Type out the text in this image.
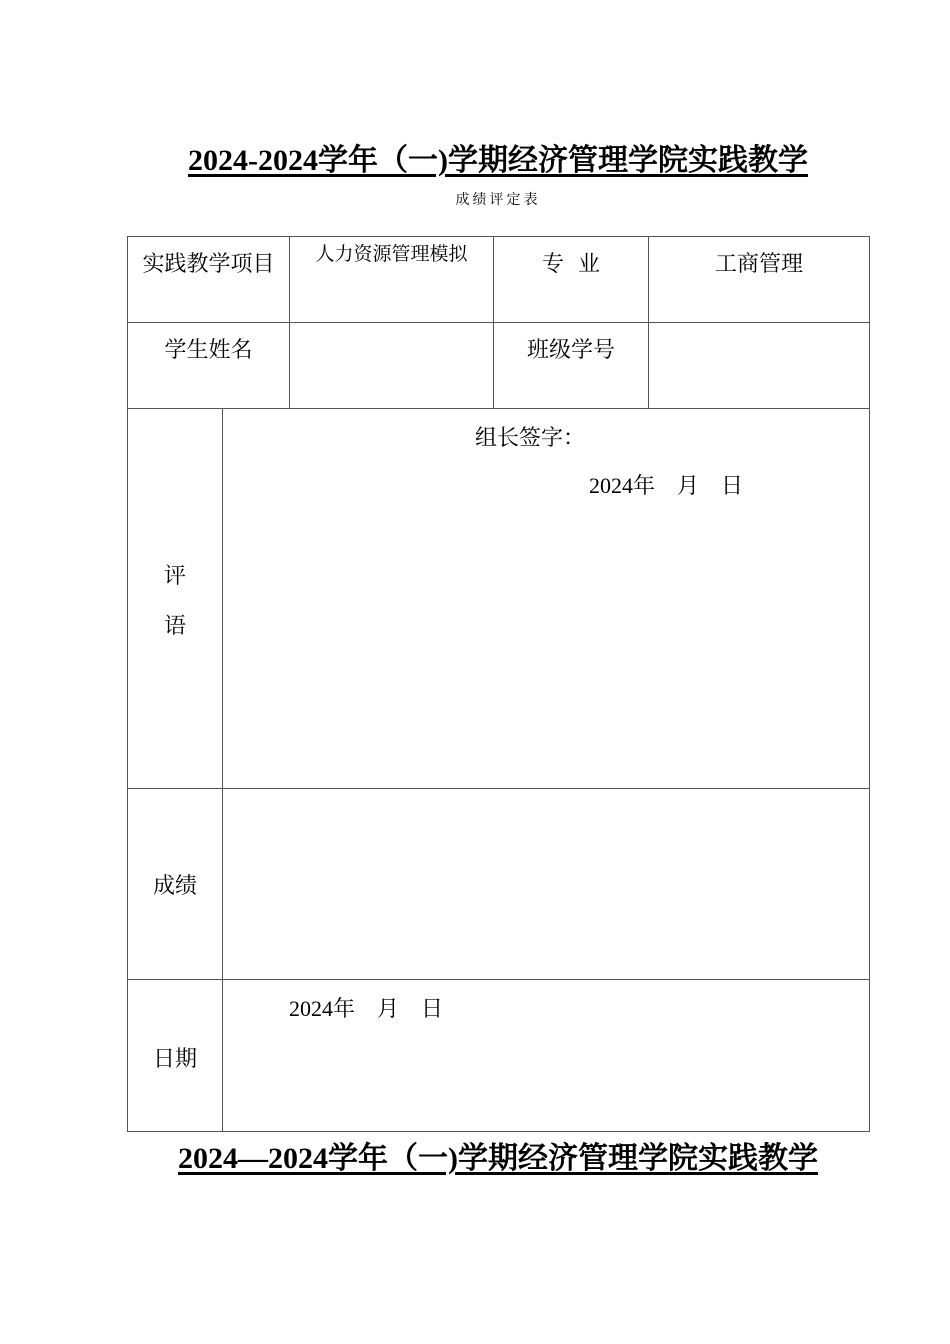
2024-2024学年（一)学期经济管理学院实践教学
成绩评定表
实践教学项目		人力资源管理模拟	专  业	工商管理

学生姓名			班级学号	

评
语	组长签字：
2024年    月    日			

成绩				

日期	2024年    月    日			
2024—2024学年（一)学期经济管理学院实践教学
